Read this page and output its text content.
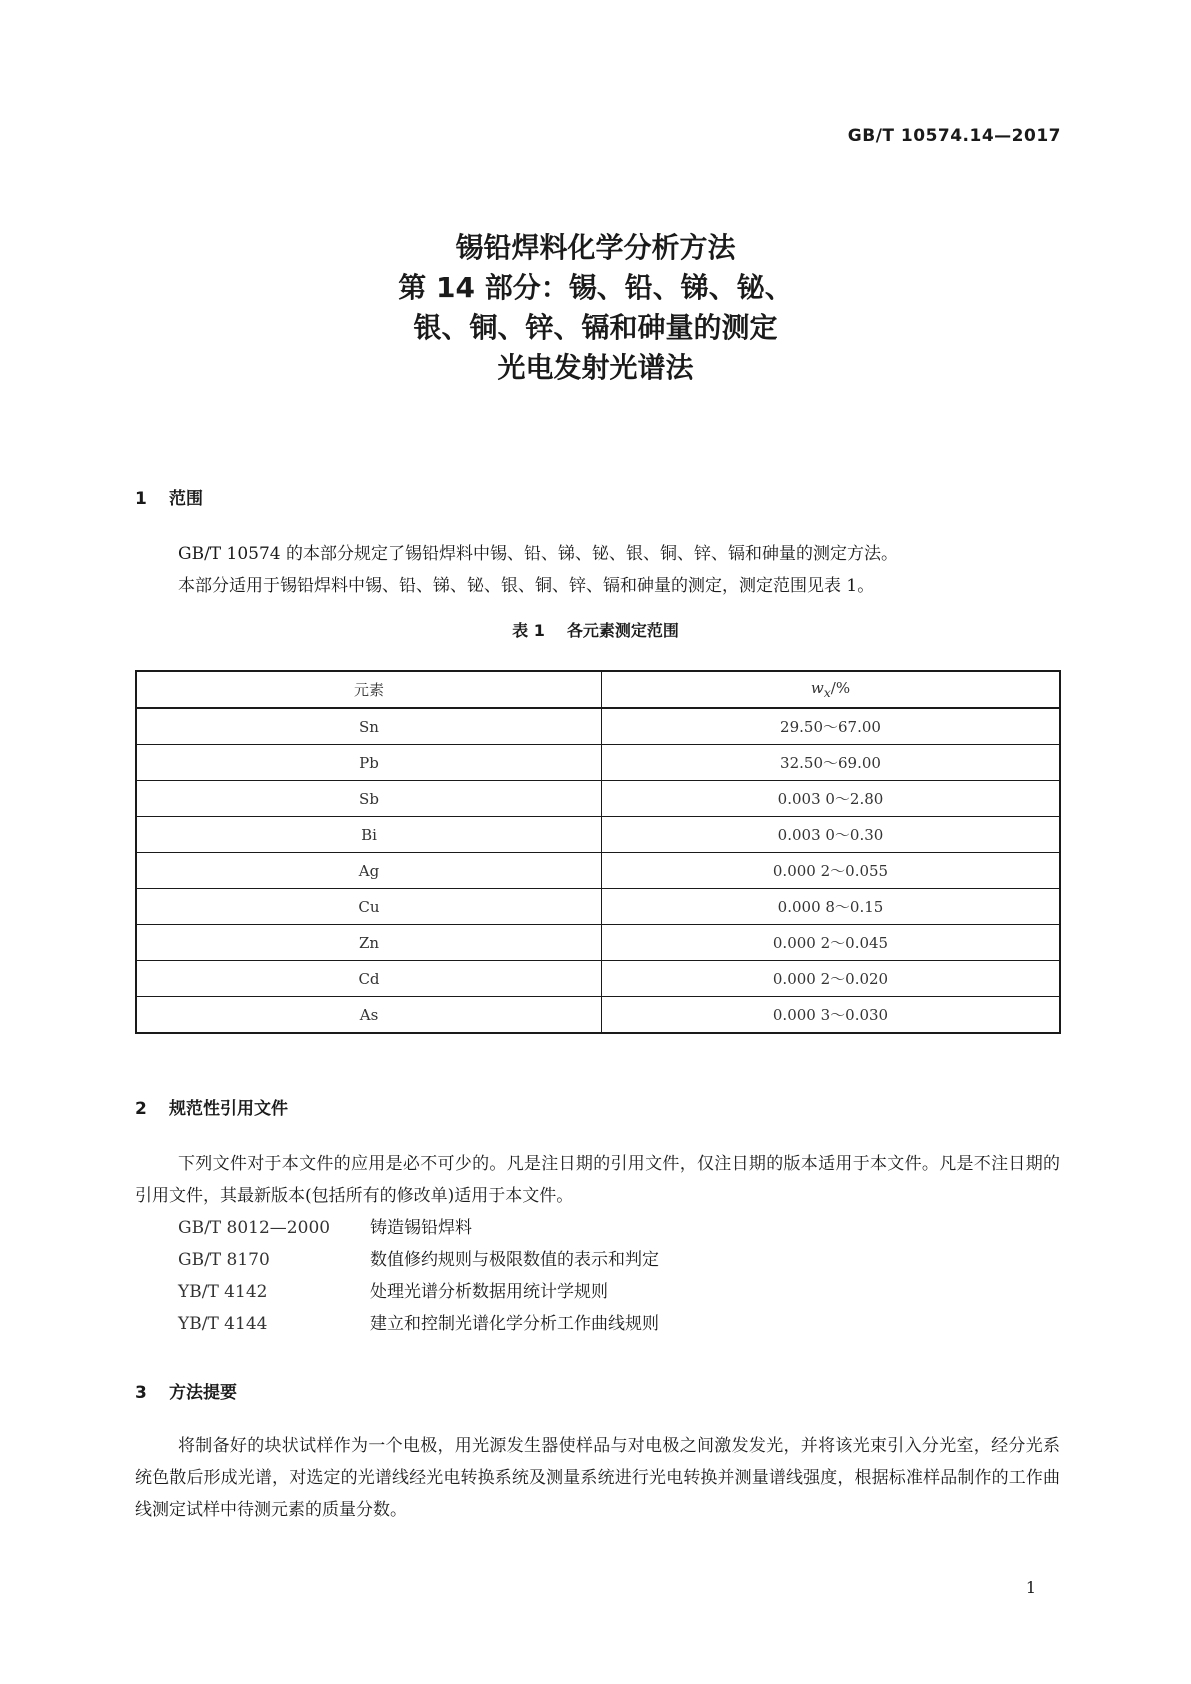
GB/T 10574.14—2017
锡铅焊料化学分析方法
第 14 部分：锡、铅、锑、铋、
银、铜、锌、镉和砷量的测定
光电发射光谱法
1 范围
GB/T 10574 的本部分规定了锡铅焊料中锡、铅、锑、铋、银、铜、锌、镉和砷量的测定方法。
本部分适用于锡铅焊料中锡、铅、锑、铋、银、铜、锌、镉和砷量的测定，测定范围见表 1。
表 1 各元素测定范围
元素	$w_x/\%$
Sn	29.50～67.00
Pb	32.50～69.00
Sb	0.003 0～2.80
Bi	0.003 0～0.30
Ag	0.000 2～0.055
Cu	0.000 8～0.15
Zn	0.000 2～0.045
Cd	0.000 2～0.020
As	0.000 3～0.030
2 规范性引用文件
下列文件对于本文件的应用是必不可少的。凡是注日期的引用文件，仅注日期的版本适用于本文件。凡是不注日期的引用文件，其最新版本(包括所有的修改单)适用于本文件。
GB/T 8012—2000 铸造锡铅焊料
GB/T 8170	数值修约规则与极限数值的表示和判定
YB/T 4142	处理光谱分析数据用统计学规则
YB/T 4144	建立和控制光谱化学分析工作曲线规则
3 方法提要
将制备好的块状试样作为一个电极，用光源发生器使样品与对电极之间激发发光，并将该光束引入分光室，经分光系统色散后形成光谱，对选定的光谱线经光电转换系统及测量系统进行光电转换并测量谱线强度，根据标准样品制作的工作曲线测定试样中待测元素的质量分数。
1
